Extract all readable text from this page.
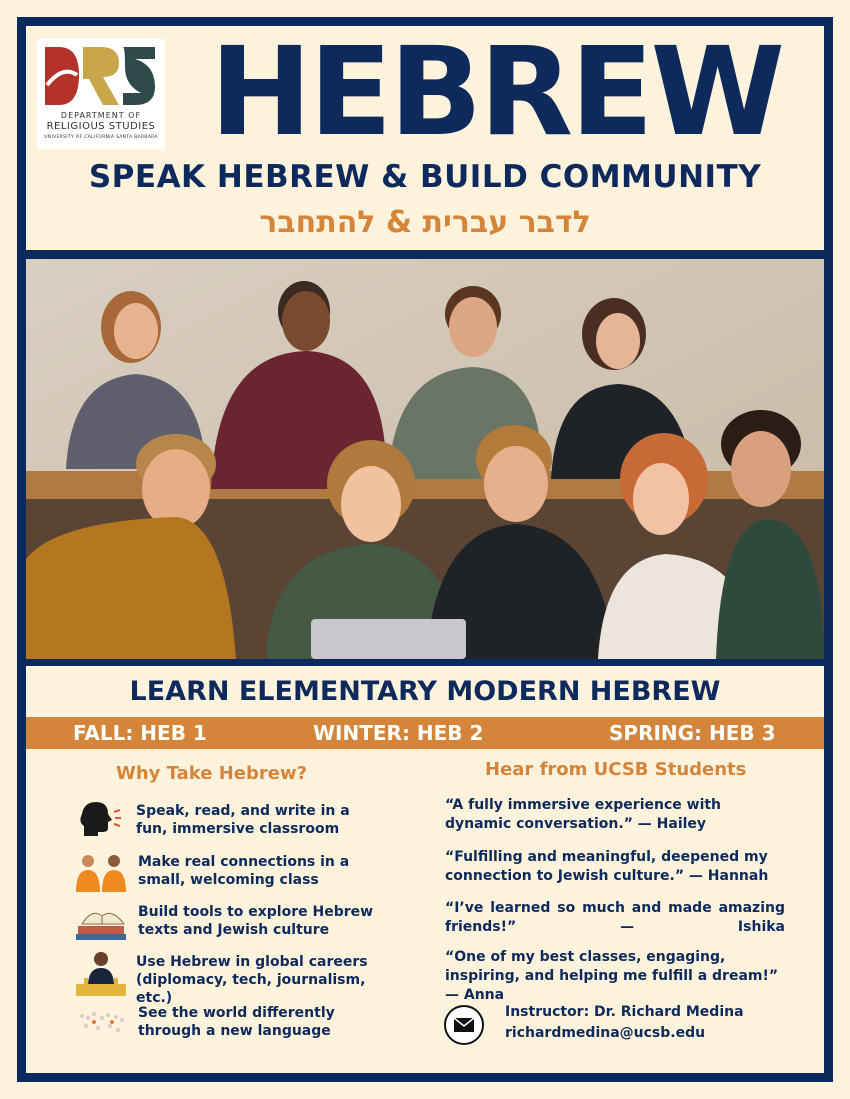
DEPARTMENT OF
RELIGIOUS STUDIES
UNIVERSITY OF CALIFORNIA SANTA BARBARA HEBREW
SPEAK HEBREW & BUILD COMMUNITY
לדבר עברית & להתחבר
LEARN ELEMENTARY MODERN HEBREW
FALL: HEB 1	WINTER: HEB 2	SPRING: HEB 3
Why Take Hebrew?
Speak, read, and write in a fun, immersive classroom
Make real connections in a small, welcoming class
Build tools to explore Hebrew texts and Jewish culture
Use Hebrew in global careers (diplomacy, tech, journalism, etc.)
See the world differently through a new language
Hear from UCSB Students
“A fully immersive experience with dynamic conversation.” — Hailey
“Fulfilling and meaningful, deepened my connection to Jewish culture.” — Hannah
“I’ve learned so much and made amazing friends!” — Ishika
“One of my best classes, engaging, inspiring, and helping me fulfill a dream!” — Anna
Instructor: Dr. Richard Medina
richardmedina@ucsb.edu
